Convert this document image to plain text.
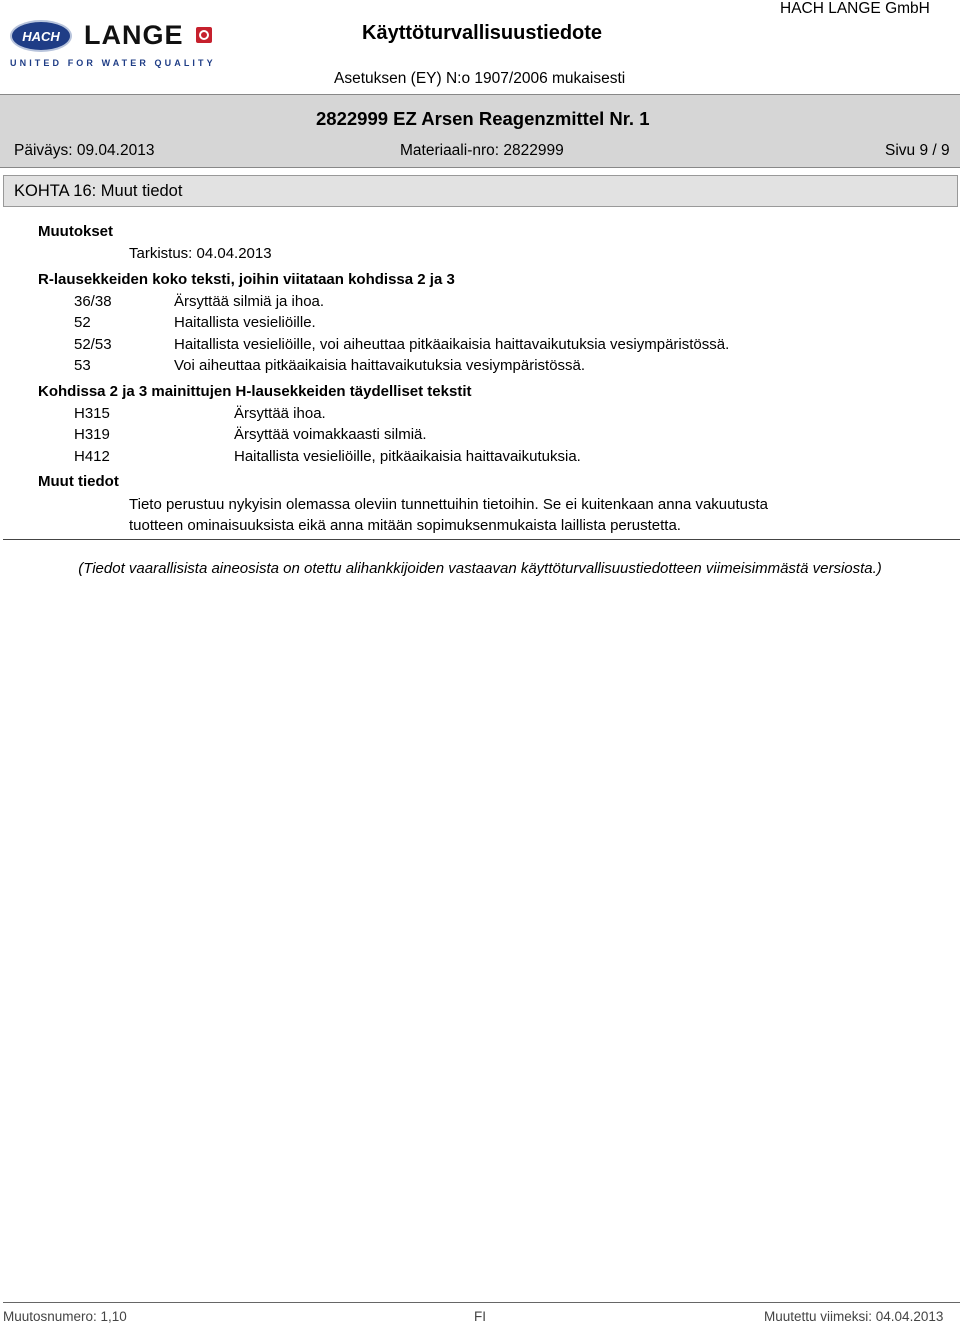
HACH LANGE
UNITED FOR WATER QUALITY
Käyttöturvallisuustiedote
HACH LANGE GmbH
Asetuksen (EY) N:o 1907/2006 mukaisesti
2822999 EZ Arsen Reagenzmittel Nr. 1
Päiväys: 09.04.2013	Materiaali-nro: 2822999	Sivu 9 / 9
KOHTA 16: Muut tiedot
Muutokset
Tarkistus: 04.04.2013
R-lausekkeiden koko teksti, joihin viitataan kohdissa 2 ja 3
36/38	Ärsyttää silmiä ja ihoa.
52	Haitallista vesieliöille.
52/53	Haitallista vesieliöille, voi aiheuttaa pitkäaikaisia haittavaikutuksia vesiympäristössä.
53	Voi aiheuttaa pitkäaikaisia haittavaikutuksia vesiympäristössä.
Kohdissa 2 ja 3 mainittujen H-lausekkeiden täydelliset tekstit
H315	Ärsyttää ihoa.
H319	Ärsyttää voimakkaasti silmiä.
H412	Haitallista vesieliöille, pitkäaikaisia haittavaikutuksia.
Muut tiedot
Tieto perustuu nykyisin olemassa oleviin tunnettuihin tietoihin. Se ei kuitenkaan anna vakuutusta
tuotteen ominaisuuksista eikä anna mitään sopimuksenmukaista laillista perustetta.
(Tiedot vaarallisista aineosista on otettu alihankkijoiden vastaavan käyttöturvallisuustiedotteen viimeisimmästä versiosta.)
Muutosnumero: 1,10	FI	Muutettu viimeksi: 04.04.2013
